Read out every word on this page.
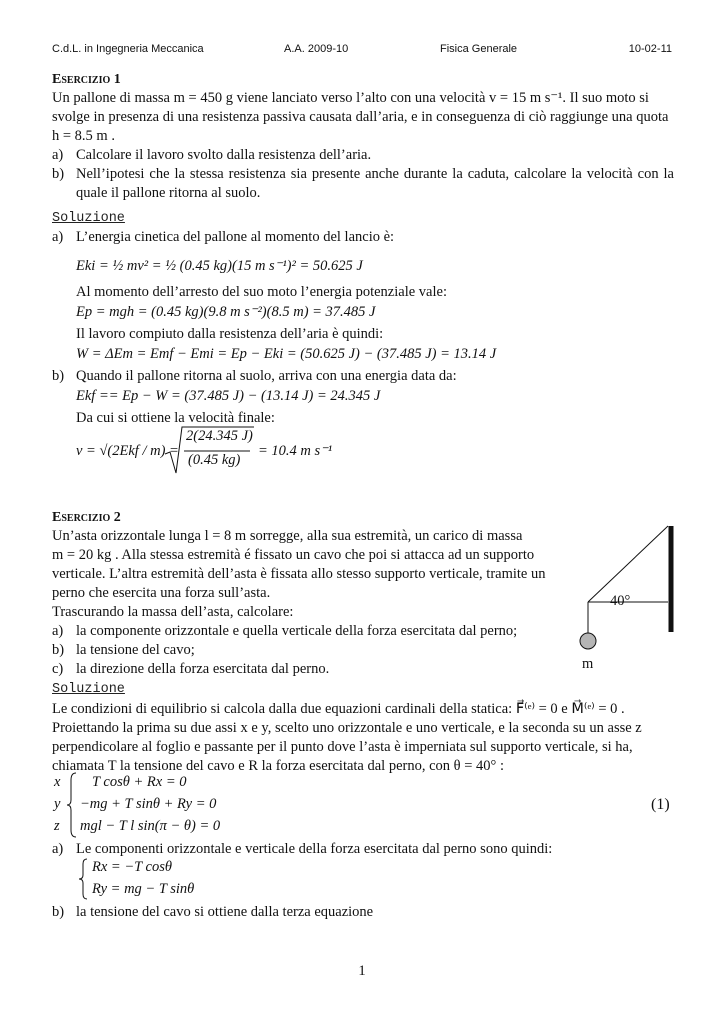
C.d.L. in Ingegneria Meccanica	A.A. 2009-10	Fisica Generale	10-02-11
Esercizio 1
Un pallone di massa m = 450 g viene lanciato verso l’alto con una velocità v = 15 m s⁻¹. Il suo moto si
svolge in presenza di una resistenza passiva causata dall’aria, e in conseguenza di ciò raggiunge una quota
h = 8.5 m .
a) Calcolare il lavoro svolto dalla resistenza dell’aria.
b) Nell’ipotesi che la stessa resistenza sia presente anche durante la caduta, calcolare la velocità con la quale il pallone ritorna al suolo.
Soluzione
a) L’energia cinetica del pallone al momento del lancio è:
Eki = ½ mv² = ½ (0.45 kg)(15 m s⁻¹)² = 50.625 J
Al momento dell’arresto del suo moto l’energia potenziale vale:
Ep = mgh = (0.45 kg)(9.8 m s⁻²)(8.5 m) = 37.485 J
Il lavoro compiuto dalla resistenza dell’aria è quindi:
W = ΔEm = Emf − Emi = Ep − Eki = (50.625 J) − (37.485 J) = 13.14 J
b) Quando il pallone ritorna al suolo, arriva con una energia data da:
Ekf == Ep − W = (37.485 J) − (13.14 J) = 24.345 J
Da cui si ottiene la velocità finale:
v = √(2Ekf / m) =
2(24.345 J)
(0.45 kg)
= 10.4 m s⁻¹
Esercizio 2
Un’asta orizzontale lunga l = 8 m sorregge, alla sua estremità, un carico di massa
m = 20 kg . Alla stessa estremità é fissato un cavo che poi si attacca ad un supporto
verticale. L’altra estremità dell’asta è fissata allo stesso supporto verticale, tramite un
perno che esercita una forza sull’asta.
Trascurando la massa dell’asta, calcolare:
a) la componente orizzontale e quella verticale della forza esercitata dal perno;
b) la tensione del cavo;
c) la direzione della forza esercitata dal perno.
40°
m
Soluzione
Le condizioni di equilibrio si calcola dalla due equazioni cardinali della statica: F⃗⁽ᵉ⁾ = 0 e M⃗⁽ᵉ⁾ = 0 .
Proiettando la prima su due assi x e y, scelto uno orizzontale e uno verticale, e la seconda su un asse z
perpendicolare al foglio e passante per il punto dove l’asta è imperniata sul supporto verticale, si ha,
chiamata T la tensione del cavo e R la forza esercitata dal perno, con θ = 40° :
x
y
z
T cosθ + Rx = 0
−mg + T sinθ + Ry = 0
mgl − T l sin(π − θ) = 0
(1)
a) Le componenti orizzontale e verticale della forza esercitata dal perno sono quindi:
Rx = −T cosθ
Ry = mg − T sinθ
b) la tensione del cavo si ottiene dalla terza equazione
1
